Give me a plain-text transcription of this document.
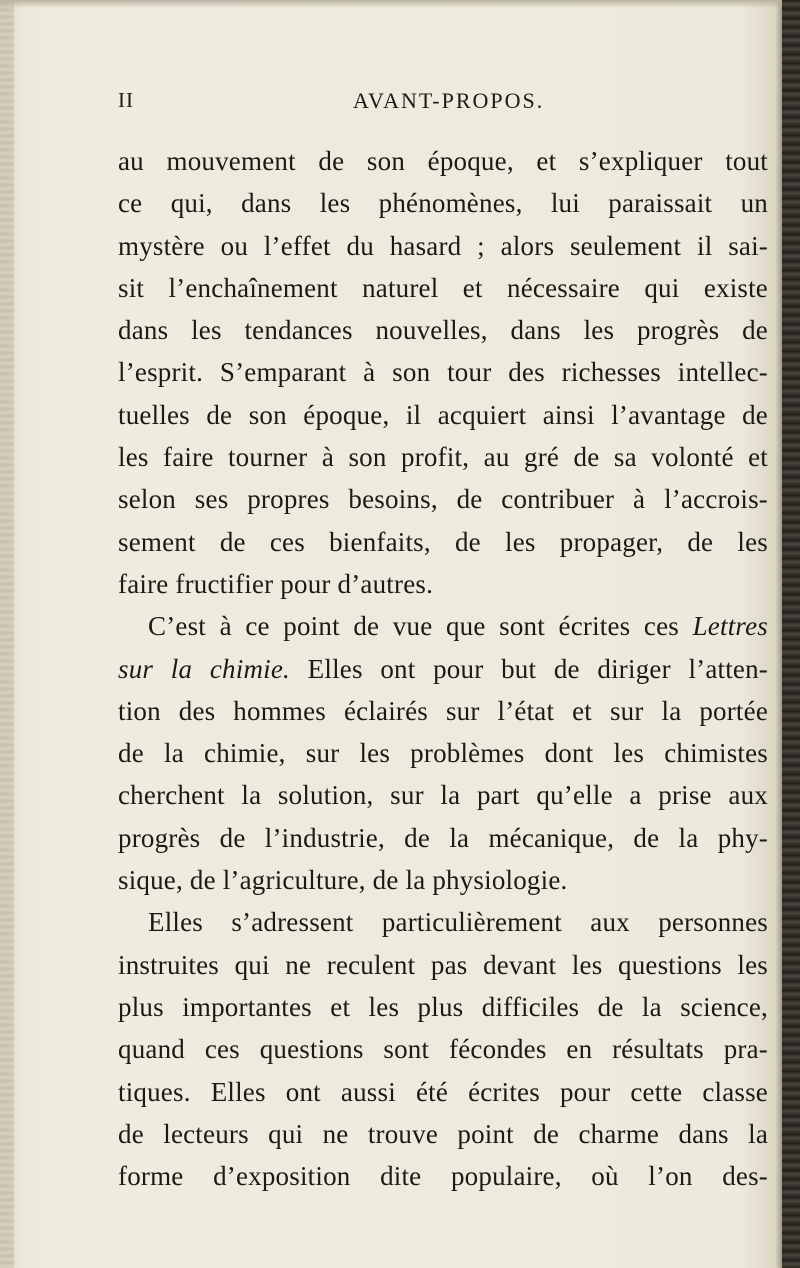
II	AVANT-PROPOS.
au mouvement de son époque, et s’expliquer tout
ce qui, dans les phénomènes, lui paraissait un
mystère ou l’effet du hasard ; alors seulement il sai-
sit l’enchaînement naturel et nécessaire qui existe
dans les tendances nouvelles, dans les progrès de
l’esprit. S’emparant à son tour des richesses intellec-
tuelles de son époque, il acquiert ainsi l’avantage de
les faire tourner à son profit, au gré de sa volonté et
selon ses propres besoins, de contribuer à l’accrois-
sement de ces bienfaits, de les propager, de les
faire fructifier pour d’autres.
C’est à ce point de vue que sont écrites ces Lettres
sur la chimie. Elles ont pour but de diriger l’atten-
tion des hommes éclairés sur l’état et sur la portée
de la chimie, sur les problèmes dont les chimistes
cherchent la solution, sur la part qu’elle a prise aux
progrès de l’industrie, de la mécanique, de la phy-
sique, de l’agriculture, de la physiologie.
Elles s’adressent particulièrement aux personnes
instruites qui ne reculent pas devant les questions les
plus importantes et les plus difficiles de la science,
quand ces questions sont fécondes en résultats pra-
tiques. Elles ont aussi été écrites pour cette classe
de lecteurs qui ne trouve point de charme dans la
forme d’exposition dite populaire, où l’on des-
